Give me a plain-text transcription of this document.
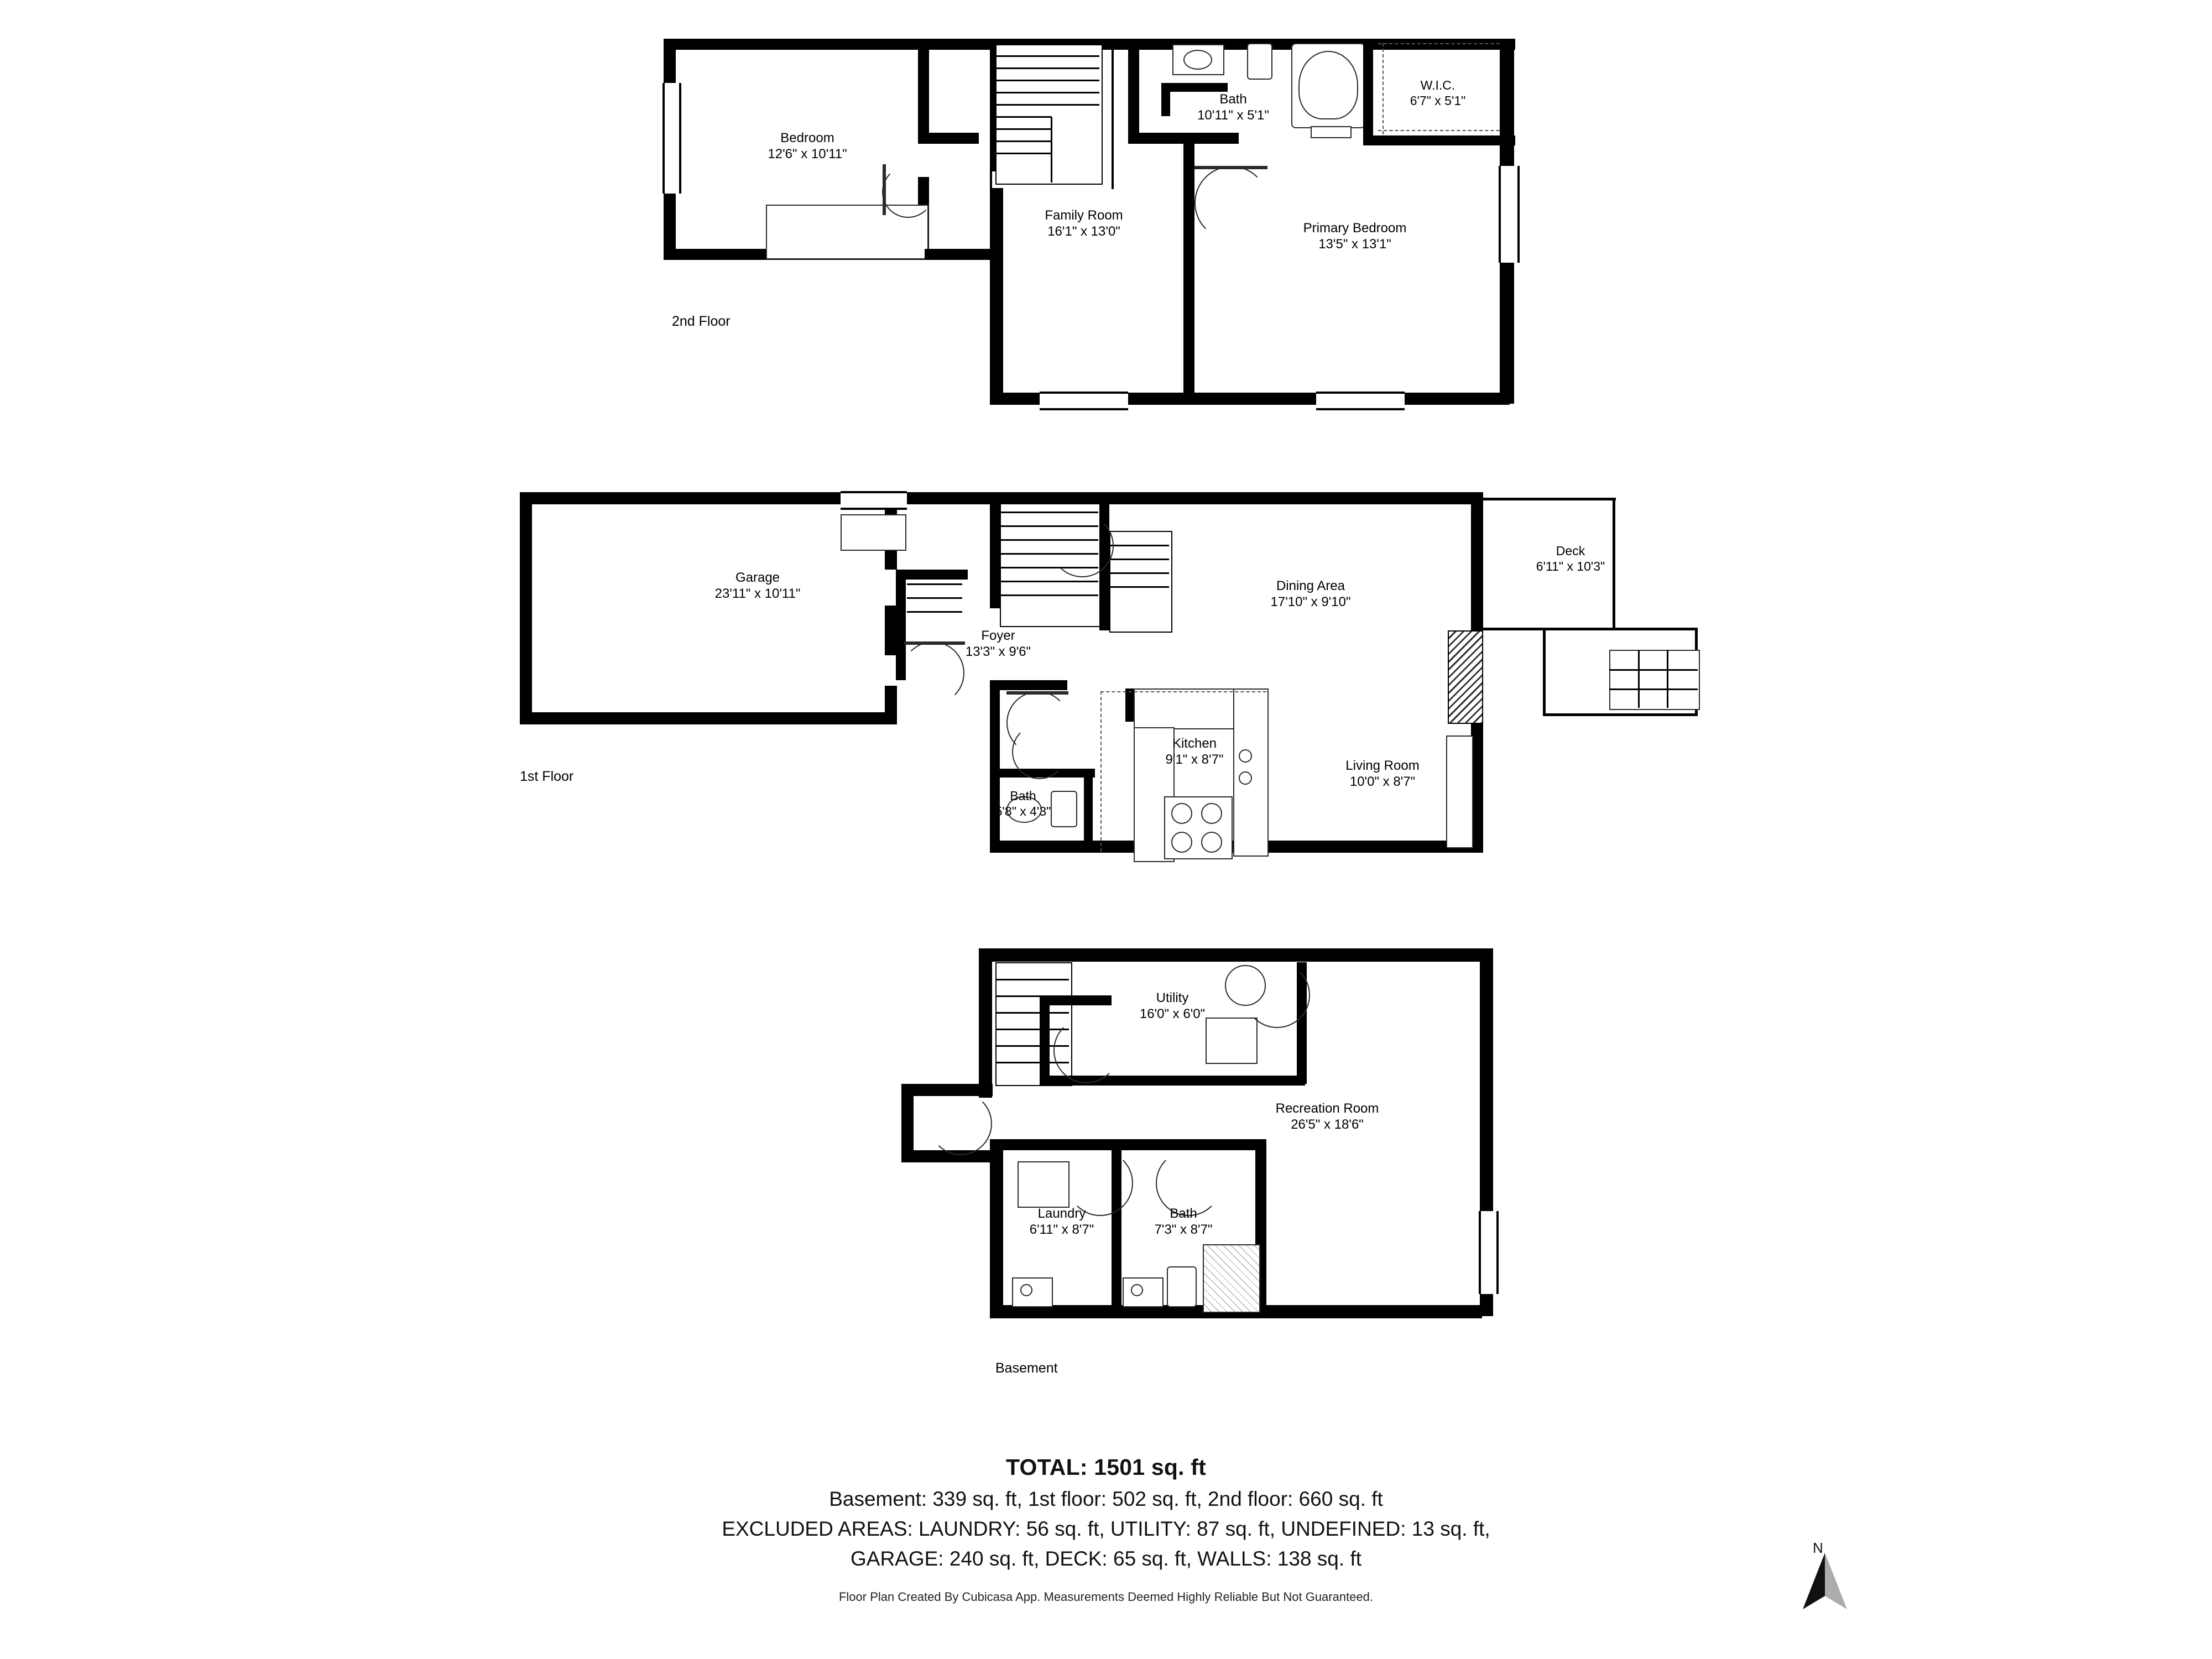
Bedroom
12'6" x 10'11"
Bath
10'11" x 5'1"
W.I.C.
6'7" x 5'1"
Family Room
16'1" x 13'0"	Primary Bedroom
13'5" x 13'1"
2nd Floor
Garage
23'11" x 10'11"
Foyer
13'3" x 9'6"
Dining Area
17'10" x 9'10"
Deck
6'11" x 10'3"
Kitchen
9'1" x 8'7"	Living Room
10'0" x 8'7"
Bath
5'8" x 4'3"
1st Floor
Utility
16'0" x 6'0"
Recreation Room
26'5" x 18'6"
Laundry
6'11" x 8'7"
Bath
7'3" x 8'7"
Basement
TOTAL: 1501 sq. ft
Basement: 339 sq. ft, 1st floor: 502 sq. ft, 2nd floor: 660 sq. ft
EXCLUDED AREAS: LAUNDRY: 56 sq. ft, UTILITY: 87 sq. ft, UNDEFINED: 13 sq. ft,
GARAGE: 240 sq. ft, DECK: 65 sq. ft, WALLS: 138 sq. ft
Floor Plan Created By Cubicasa App. Measurements Deemed Highly Reliable But Not Guaranteed.
N
